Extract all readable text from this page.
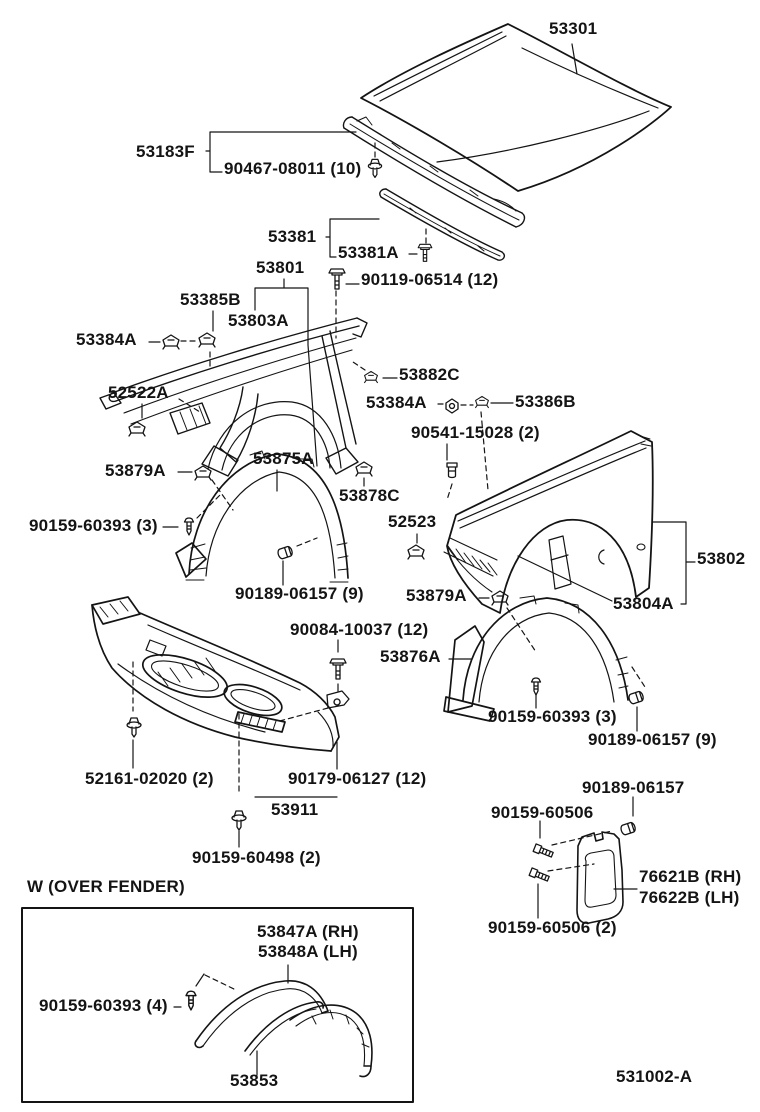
53301
53183F
90467-08011 (10)
53381
53381A
90119-06514 (12)
53801
53385B
53803A
53384A
52522A
53882C
53384A	53386B
90541-15028 (2)
53879A
53875A
53878C
52523
90159-60393 (3)
53802
90189-06157 (9) 53879A	53804A
90084-10037 (12)
53876A
90159-60393 (3)
90189-06157 (9)
52161-02020 (2)	90179-06127 (12)
53911
90159-60498 (2)
90189-06157
90159-60506
76621B (RH)
76622B (LH)
90159-60506 (2)
W (OVER FENDER)
53847A (RH)
53848A (LH)
90159-60393 (4)
53853	531002-A
